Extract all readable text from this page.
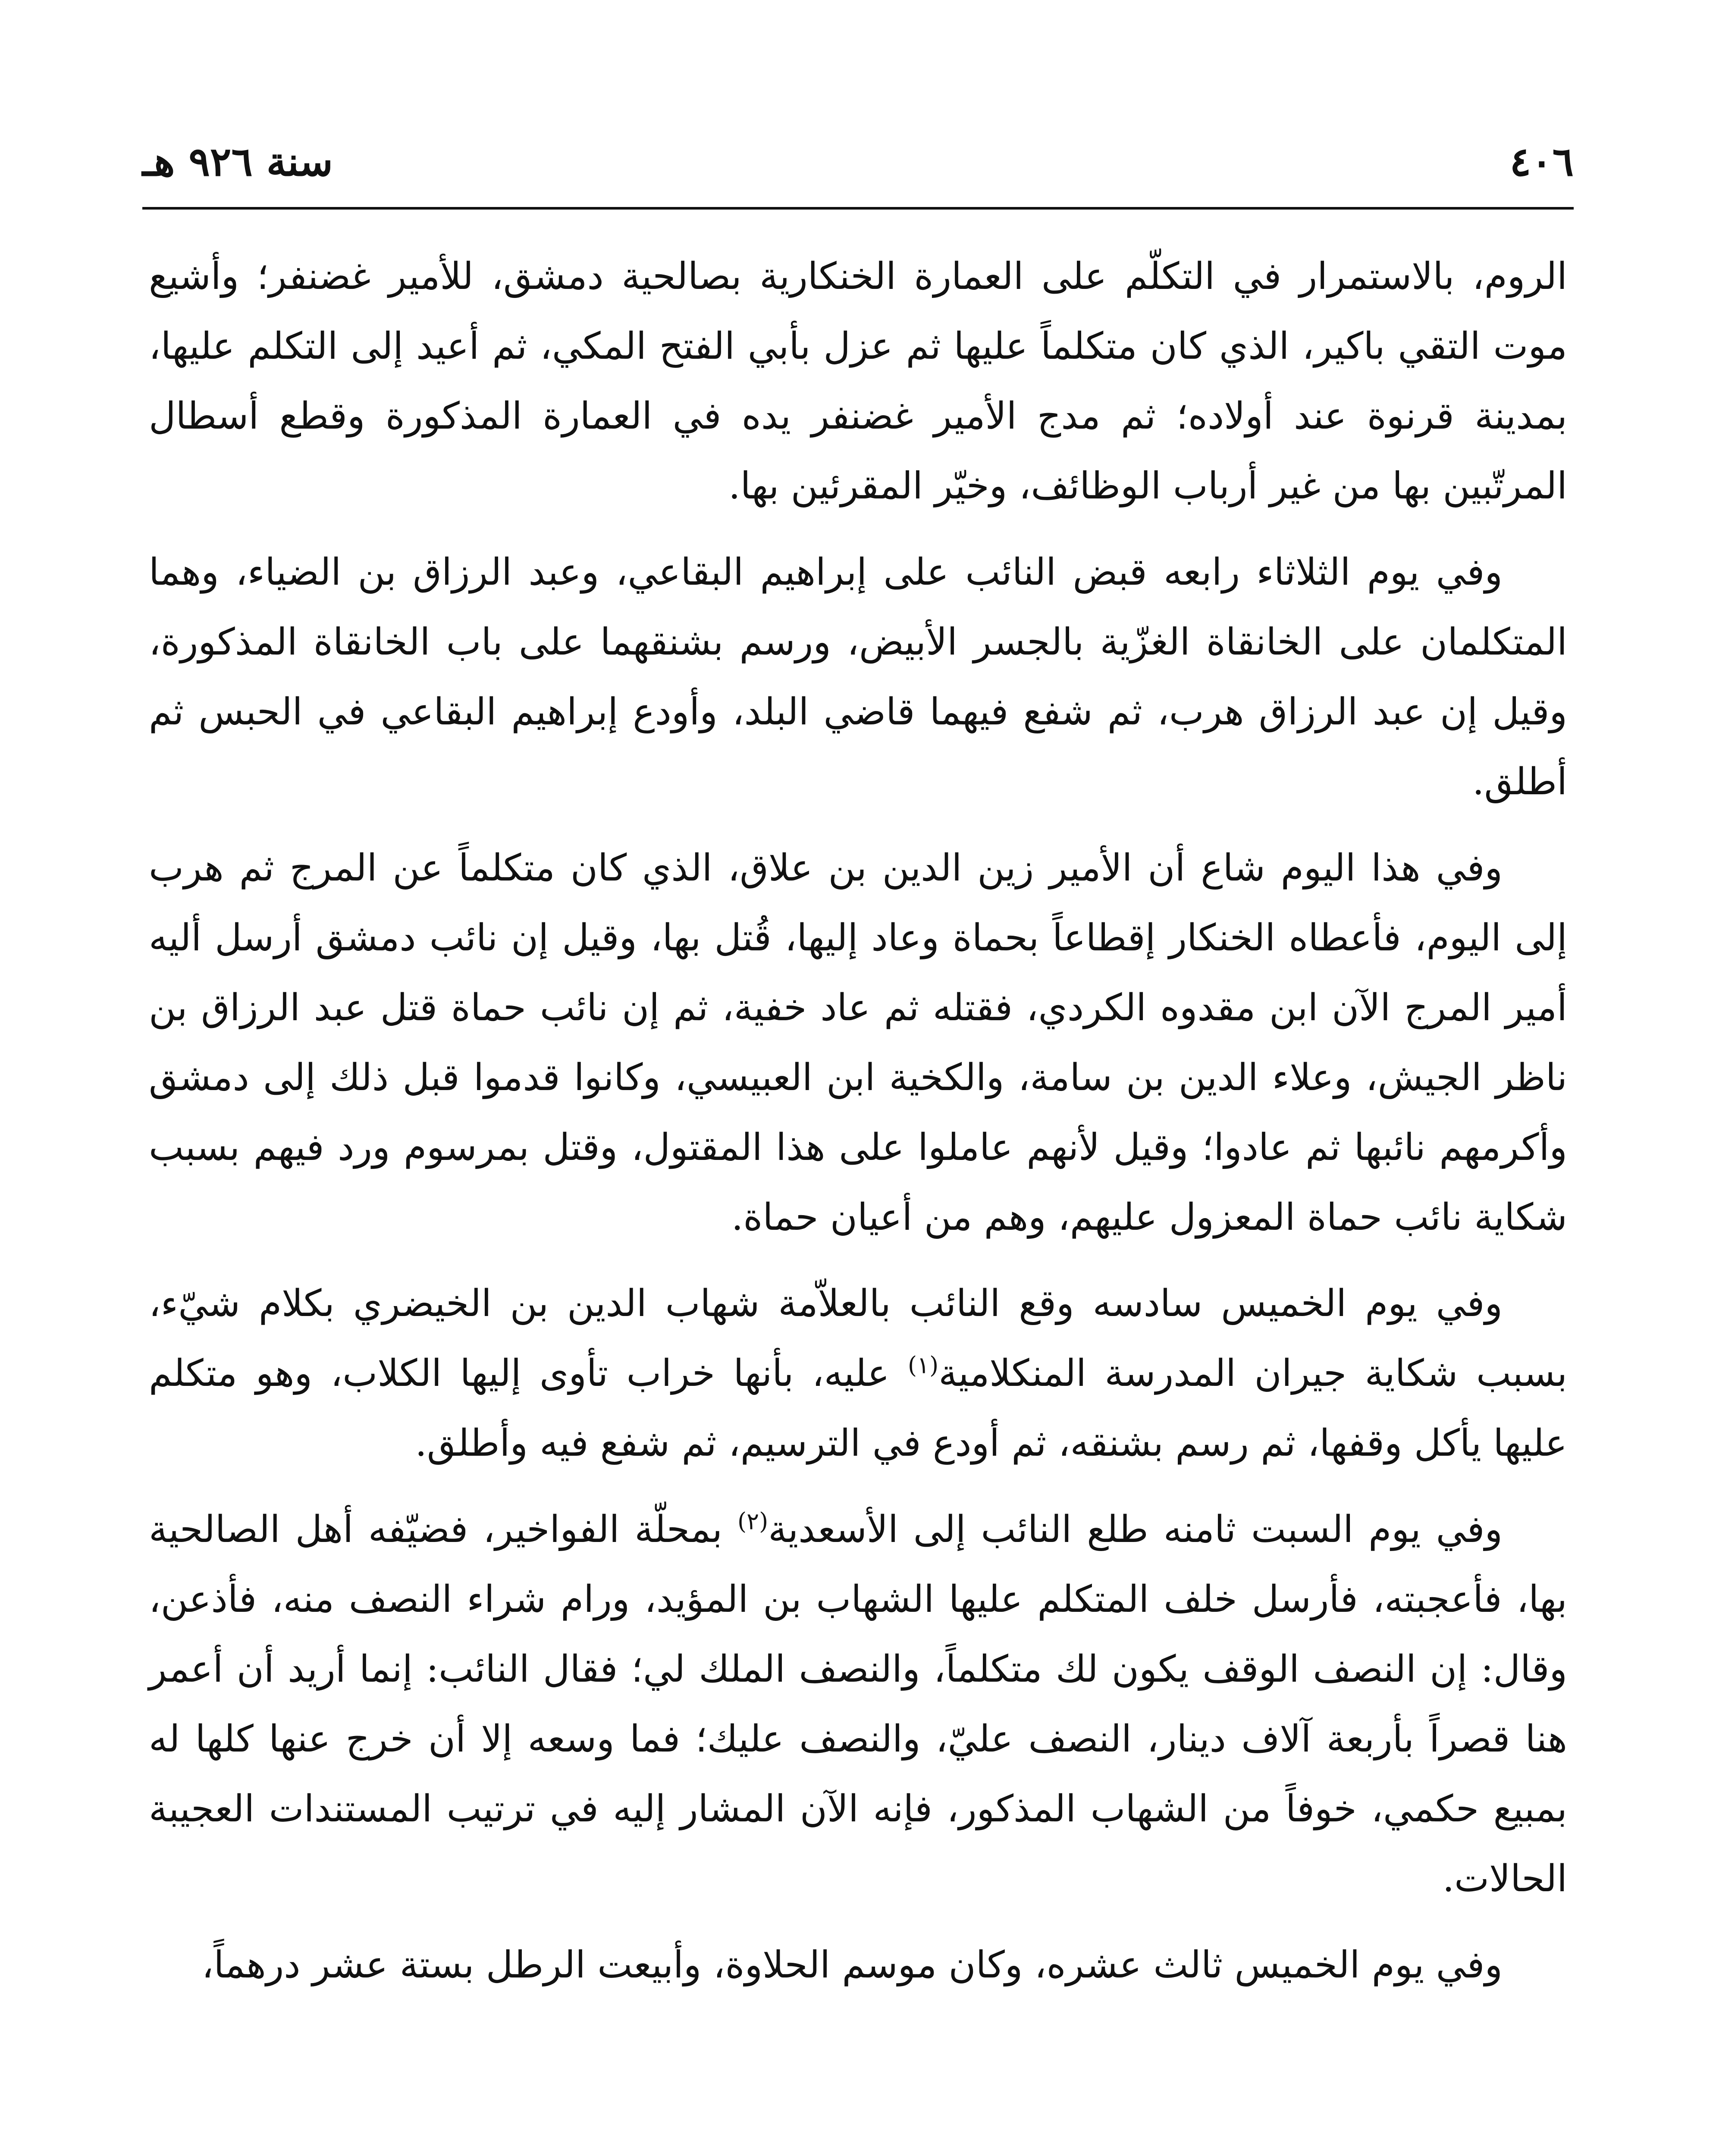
٤٠٦
سنة ٩٢٦ هـ

الروم، بالاستمرار في التكلّم على العمارة الخنكارية بصالحية دمشق، للأمير غضنفر؛ وأشيع موت التقي باكير، الذي كان متكلماً عليها ثم عزل بأبي الفتح المكي، ثم أعيد إلى التكلم عليها، بمدينة قرنوة عند أولاده؛ ثم مدج الأمير غضنفر يده في العمارة المذكورة وقطع أسطال المرتّبين بها من غير أرباب الوظائف، وخيّر المقرئين بها.

وفي يوم الثلاثاء رابعه قبض النائب على إبراهيم البقاعي، وعبد الرزاق بن الضياء، وهما المتكلمان على الخانقاة الغزّية بالجسر الأبيض، ورسم بشنقهما على باب الخانقاة المذكورة، وقيل إن عبد الرزاق هرب، ثم شفع فيهما قاضي البلد، وأودع إبراهيم البقاعي في الحبس ثم أطلق.

وفي هذا اليوم شاع أن الأمير زين الدين بن علاق، الذي كان متكلماً عن المرج ثم هرب إلى اليوم، فأعطاه الخنكار إقطاعاً بحماة وعاد إليها، قُتل بها، وقيل إن نائب دمشق أرسل أليه أمير المرج الآن ابن مقدوه الكردي، فقتله ثم عاد خفية، ثم إن نائب حماة قتل عبد الرزاق بن ناظر الجيش، وعلاء الدين بن سامة، والكخية ابن العبيسي، وكانوا قدموا قبل ذلك إلى دمشق وأكرمهم نائبها ثم عادوا؛ وقيل لأنهم عاملوا على هذا المقتول، وقتل بمرسوم ورد فيهم بسبب شكاية نائب حماة المعزول عليهم، وهم من أعيان حماة.

وفي يوم الخميس سادسه وقع النائب بالعلاّمة شهاب الدين بن الخيضري بكلام شيّء، بسبب شكاية جيران المدرسة المنكلامية$^{(١)}$ عليه، بأنها خراب تأوى إليها الكلاب، وهو متكلم عليها يأكل وقفها، ثم رسم بشنقه، ثم أودع في الترسيم، ثم شفع فيه وأطلق.

وفي يوم السبت ثامنه طلع النائب إلى الأسعدية$^{(٢)}$ بمحلّة الفواخير، فضيّفه أهل الصالحية بها، فأعجبته، فأرسل خلف المتكلم عليها الشهاب بن المؤيد، ورام شراء النصف منه، فأذعن، وقال: إن النصف الوقف يكون لك متكلماً، والنصف الملك لي؛ فقال النائب: إنما أريد أن أعمر هنا قصراً بأربعة آلاف دينار، النصف عليّ، والنصف عليك؛ فما وسعه إلا أن خرج عنها كلها له بمبيع حكمي، خوفاً من الشهاب المذكور، فإنه الآن المشار إليه في ترتيب المستندات العجيبة الحالات.

وفي يوم الخميس ثالث عشره، وكان موسم الحلاوة، وأبيعت الرطل بستة عشر درهماً،
